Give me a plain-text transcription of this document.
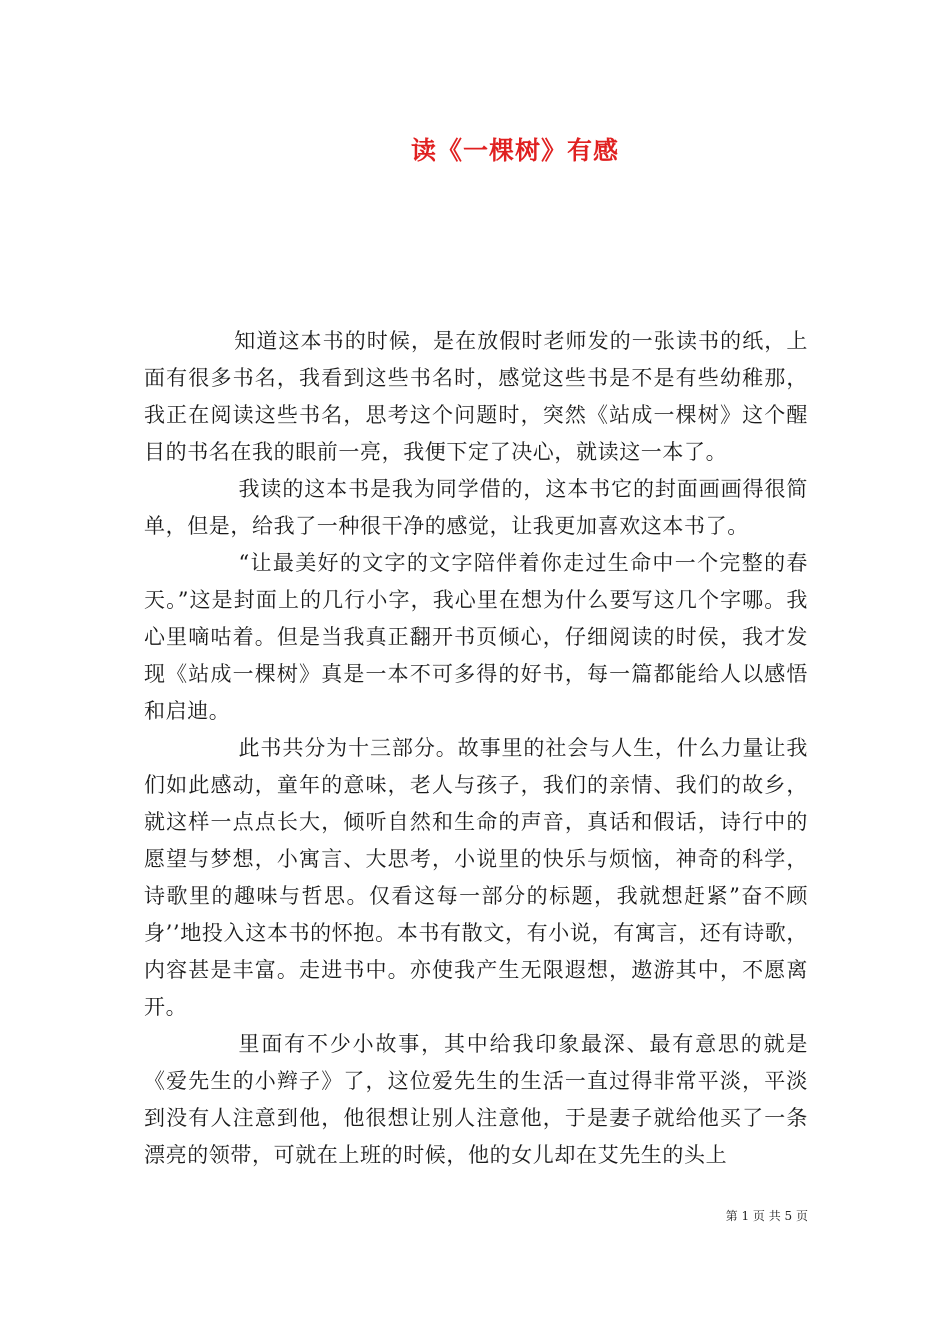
读《一棵树》有感

知道这本书的时候，是在放假时老师发的一张读书的纸，上面有很多书名，我看到这些书名时，感觉这些书是不是有些幼稚那，我正在阅读这些书名，思考这个问题时，突然《站成一棵树》这个醒目的书名在我的眼前一亮，我便下定了决心，就读这一本了。

我读的这本书是我为同学借的，这本书它的封面画画得很简单，但是，给我了一种很干净的感觉，让我更加喜欢这本书了。

“让最美好的文字的文字陪伴着你走过生命中一个完整的春天。”这是封面上的几行小字，我心里在想为什么要写这几个字哪。我心里嘀咕着。但是当我真正翻开书页倾心，仔细阅读的时侯，我才发现《站成一棵树》真是一本不可多得的好书，每一篇都能给人以感悟和启迪。

此书共分为十三部分。故事里的社会与人生，什么力量让我们如此感动，童年的意味，老人与孩子，我们的亲情、我们的故乡，就这样一点点长大，倾听自然和生命的声音，真话和假话，诗行中的愿望与梦想，小寓言、大思考，小说里的快乐与烦恼，神奇的科学，诗歌里的趣味与哲思。仅看这每一部分的标题，我就想赶紧”奋不顾身’’地投入这本书的怀抱。本书有散文，有小说，有寓言，还有诗歌，内容甚是丰富。走进书中。亦使我产生无限遐想，遨游其中，不愿离开。

里面有不少小故事，其中给我印象最深、最有意思的就是《爱先生的小辫子》了，这位爱先生的生活一直过得非常平淡，平淡到没有人注意到他，他很想让别人注意他，于是妻子就给他买了一条漂亮的领带，可就在上班的时候，他的女儿却在艾先生的头上

第 1 页 共 5 页
